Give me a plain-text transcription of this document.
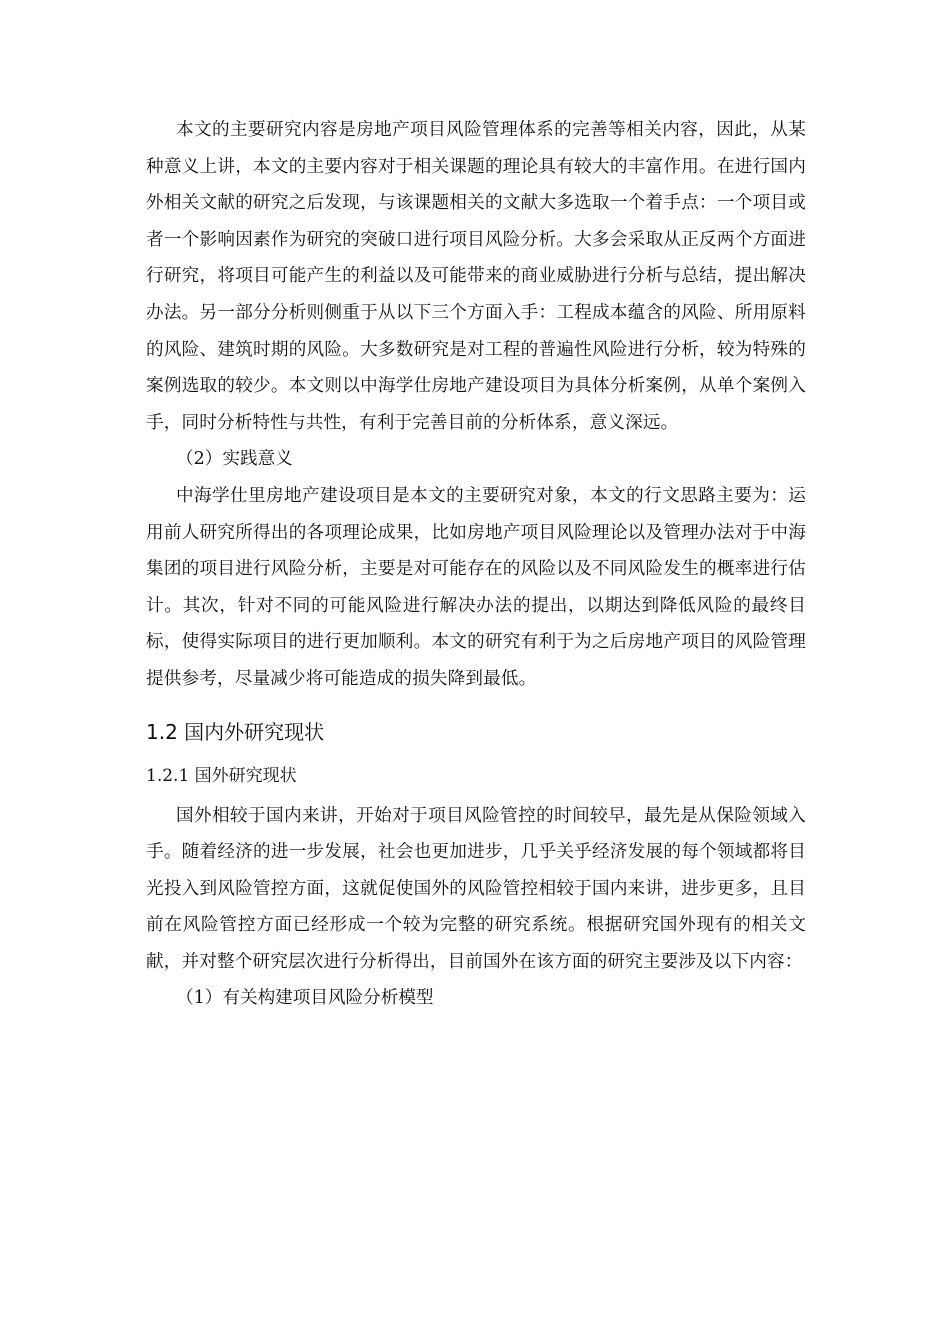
本文的主要研究内容是房地产项目风险管理体系的完善等相关内容，因此，从某种意义上讲，本文的主要内容对于相关课题的理论具有较大的丰富作用。在进行国内外相关文献的研究之后发现，与该课题相关的文献大多选取一个着手点：一个项目或者一个影响因素作为研究的突破口进行项目风险分析。大多会采取从正反两个方面进行研究，将项目可能产生的利益以及可能带来的商业威胁进行分析与总结，提出解决办法。另一部分分析则侧重于从以下三个方面入手：工程成本蕴含的风险、所用原料的风险、建筑时期的风险。大多数研究是对工程的普遍性风险进行分析，较为特殊的案例选取的较少。本文则以中海学仕房地产建设项目为具体分析案例，从单个案例入手，同时分析特性与共性，有利于完善目前的分析体系，意义深远。

（2）实践意义

中海学仕里房地产建设项目是本文的主要研究对象，本文的行文思路主要为：运用前人研究所得出的各项理论成果，比如房地产项目风险理论以及管理办法对于中海集团的项目进行风险分析，主要是对可能存在的风险以及不同风险发生的概率进行估计。其次，针对不同的可能风险进行解决办法的提出，以期达到降低风险的最终目标，使得实际项目的进行更加顺利。本文的研究有利于为之后房地产项目的风险管理提供参考，尽量减少将可能造成的损失降到最低。

1.2 国内外研究现状
1.2.1 国外研究现状

国外相较于国内来讲，开始对于项目风险管控的时间较早，最先是从保险领域入手。随着经济的进一步发展，社会也更加进步，几乎关乎经济发展的每个领域都将目光投入到风险管控方面，这就促使国外的风险管控相较于国内来讲，进步更多，且目前在风险管控方面已经形成一个较为完整的研究系统。根据研究国外现有的相关文献，并对整个研究层次进行分析得出，目前国外在该方面的研究主要涉及以下内容：

（1）有关构建项目风险分析模型
